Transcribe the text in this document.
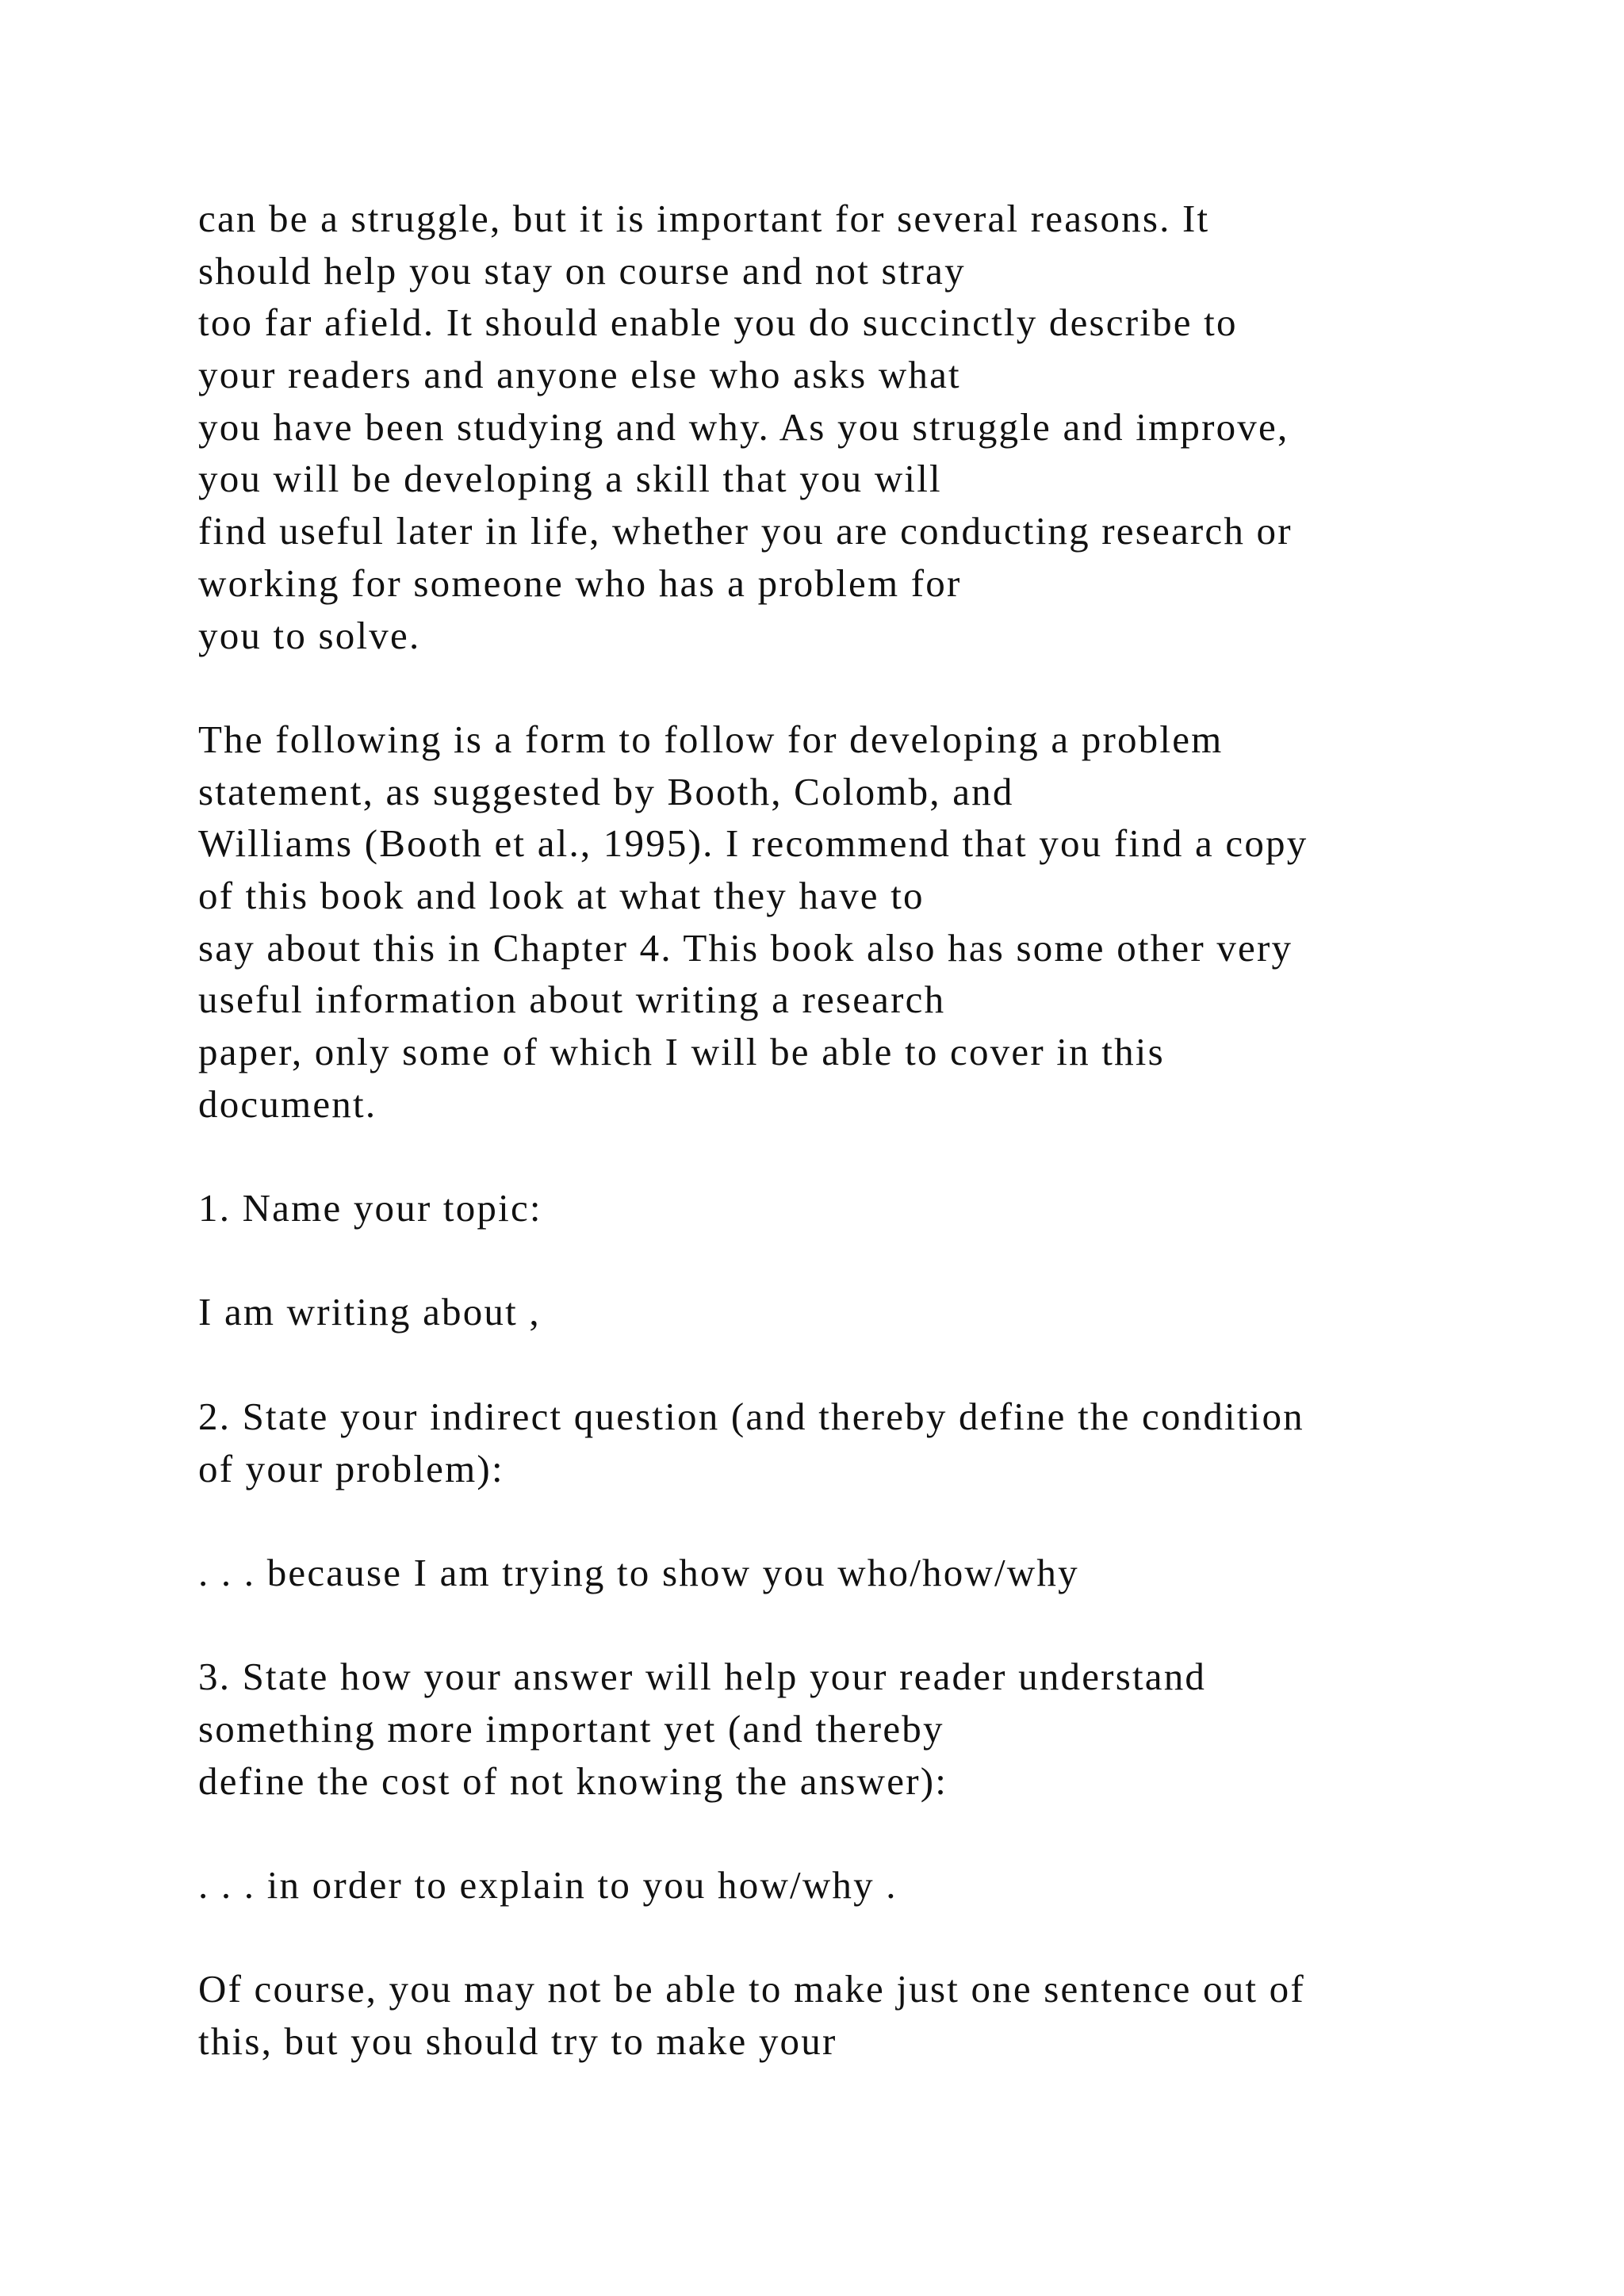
can be a struggle, but it is important for several reasons. It
should help you stay on course and not stray
too far afield. It should enable you do succinctly describe to
your readers and anyone else who asks what
you have been studying and why. As you struggle and improve,
you will be developing a skill that you will
find useful later in life, whether you are conducting research or
working for someone who has a problem for
you to solve.
The following is a form to follow for developing a problem
statement, as suggested by Booth, Colomb, and
Williams (Booth et al., 1995). I recommend that you find a copy
of this book and look at what they have to
say about this in Chapter 4. This book also has some other very
useful information about writing a research
paper, only some of which I will be able to cover in this
document.
1. Name your topic:
I am writing about ,
2. State your indirect question (and thereby define the condition
of your problem):
. . . because I am trying to show you who/how/why
3. State how your answer will help your reader understand
something more important yet (and thereby
define the cost of not knowing the answer):
. . . in order to explain to you how/why .
Of course, you may not be able to make just one sentence out of
this, but you should try to make your
